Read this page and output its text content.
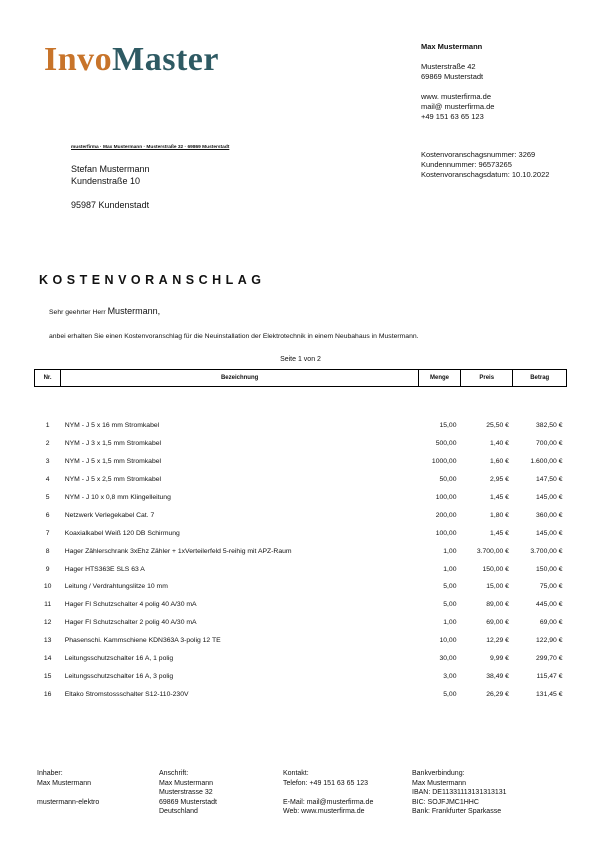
InvoMaster	Max Mustermann
Musterstraße 42
69869 Musterstadt
www. musterfirma.de
mail@ musterfirma.de
+49 151 63 65 123
musterfirma · Max Mustermann · Musterstraße 32 · 69869 Musterstadt
Stefan Mustermann
Kundenstraße 10
95987 Kundenstadt
Kostenvoranschagsnummer: 3269
Kundennummer: 96573265
Kostenvoranschagsdatum: 10.10.2022
KOSTENVORANSCHLAG
Sehr geehrter Herr Mustermann,
anbei erhalten Sie einen Kostenvoranschlag für die Neuinstallation der Elektrotechnik in einem Neubahaus in Mustermann.
Seite 1 von 2
Nr.	Bezeichnung	Menge	Preis	Betrag

1	NYM - J 5 x 16 mm Stromkabel	15,00	25,50 €	382,50 €
2	NYM - J 3 x 1,5 mm Stromkabel	500,00	1,40 €	700,00 €
3	NYM - J 5 x 1,5 mm Stromkabel	1000,00	1,60 €	1.600,00 €
4	NYM - J 5 x 2,5 mm Stromkabel	50,00	2,95 €	147,50 €
5	NYM - J 10 x 0,8 mm Klingelleitung	100,00	1,45 €	145,00 €
6	Netzwerk Verlegekabel Cat. 7	200,00	1,80 €	360,00 €
7	Koaxialkabel Weiß 120 DB Schirmung	100,00	1,45 €	145,00 €
8	Hager Zählerschrank 3xEhz Zähler + 1xVerteilerfeld 5-reihig mit APZ-Raum	1,00	3.700,00 €	3.700,00 €
9	Hager HTS363E SLS 63 A	1,00	150,00 €	150,00 €
10	Leitung / Verdrahtungslitze 10 mm	5,00	15,00 €	75,00 €
11	Hager FI Schutzschalter 4 polig 40 A/30 mA	5,00	89,00 €	445,00 €
12	Hager FI Schutzschalter 2 polig 40 A/30 mA	1,00	69,00 €	69,00 €
13	Phasenschi. Kammschiene KDN363A 3-polig 12 TE	10,00	12,29 €	122,90 €
14	Leitungsschutzschalter 16 A, 1 polig	30,00	9,99 €	299,70 €
15	Leitungsschutzschalter 16 A, 3 polig	3,00	38,49 €	115,47 €
16	Eltako Stromstossschalter S12-110-230V	5,00	26,29 €	131,45 €
Inhaber:
Max Mustermann
mustermann-elektro
Anschrift:
Max Mustermann
Musterstrasse 32
69869 Musterstadt
Deutschland
Kontakt:
Telefon: +49 151 63 65 123
E-Mail: mail@musterfirma.de
Web: www.musterfirma.de
Bankverbindung:
Max Mustermann
IBAN: DE11331113131313131
BIC: SOJFJMC1HHC
Bank: Frankfurter Sparkasse
